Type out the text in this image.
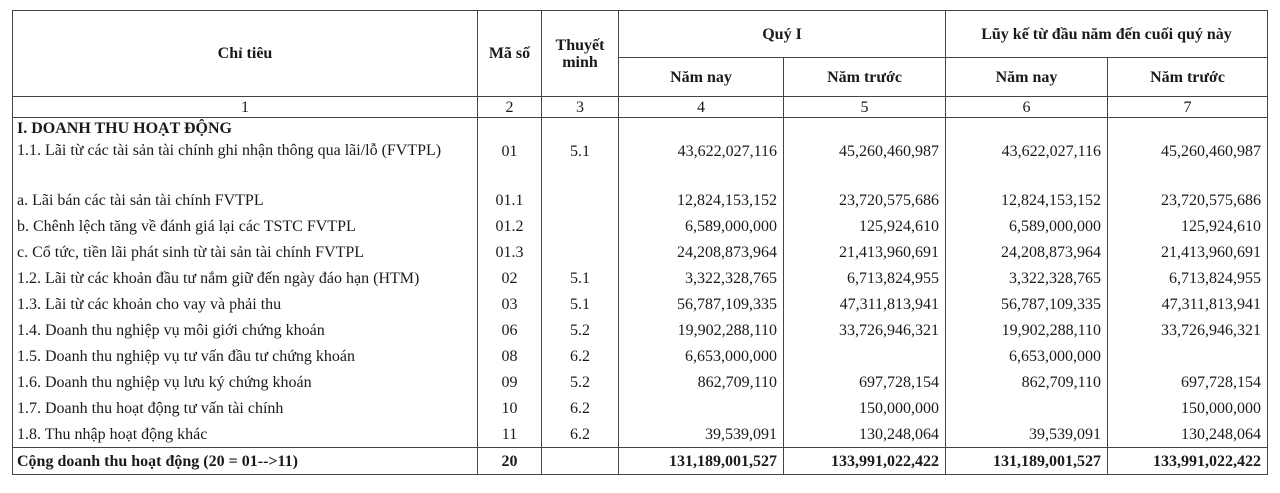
Chỉ tiêu	Mã số	Thuyết minh	Quý I		Lũy kế từ đầu năm đến cuối quý này	
			Năm nay	Năm trước	Năm nay	Năm trước
1	2	3	4	5	6	7
I. DOANH THU HOẠT ĐỘNG						
1.1. Lãi từ các tài sản tài chính ghi nhận thông qua lãi/lỗ (FVTPL)	01	5.1	43,622,027,116	45,260,460,987	43,622,027,116	45,260,460,987
a. Lãi bán các tài sản tài chính FVTPL	01.1		12,824,153,152	23,720,575,686	12,824,153,152	23,720,575,686
b. Chênh lệch tăng về đánh giá lại các TSTC FVTPL	01.2		6,589,000,000	125,924,610	6,589,000,000	125,924,610
c. Cổ tức, tiền lãi phát sinh từ tài sản tài chính FVTPL	01.3		24,208,873,964	21,413,960,691	24,208,873,964	21,413,960,691
1.2. Lãi từ các khoản đầu tư nắm giữ đến ngày đáo hạn (HTM)	02	5.1	3,322,328,765	6,713,824,955	3,322,328,765	6,713,824,955
1.3. Lãi từ các khoản cho vay và phải thu	03	5.1	56,787,109,335	47,311,813,941	56,787,109,335	47,311,813,941
1.4. Doanh thu nghiệp vụ môi giới chứng khoán	06	5.2	19,902,288,110	33,726,946,321	19,902,288,110	33,726,946,321
1.5. Doanh thu nghiệp vụ tư vấn đầu tư chứng khoán	08	6.2	6,653,000,000		6,653,000,000	
1.6. Doanh thu nghiệp vụ lưu ký chứng khoán	09	5.2	862,709,110	697,728,154	862,709,110	697,728,154
1.7. Doanh thu hoạt động tư vấn tài chính	10	6.2		150,000,000		150,000,000
1.8. Thu nhập hoạt động khác	11	6.2	39,539,091	130,248,064	39,539,091	130,248,064
Cộng doanh thu hoạt động (20 = 01-->11)	20		131,189,001,527	133,991,022,422	131,189,001,527	133,991,022,422
